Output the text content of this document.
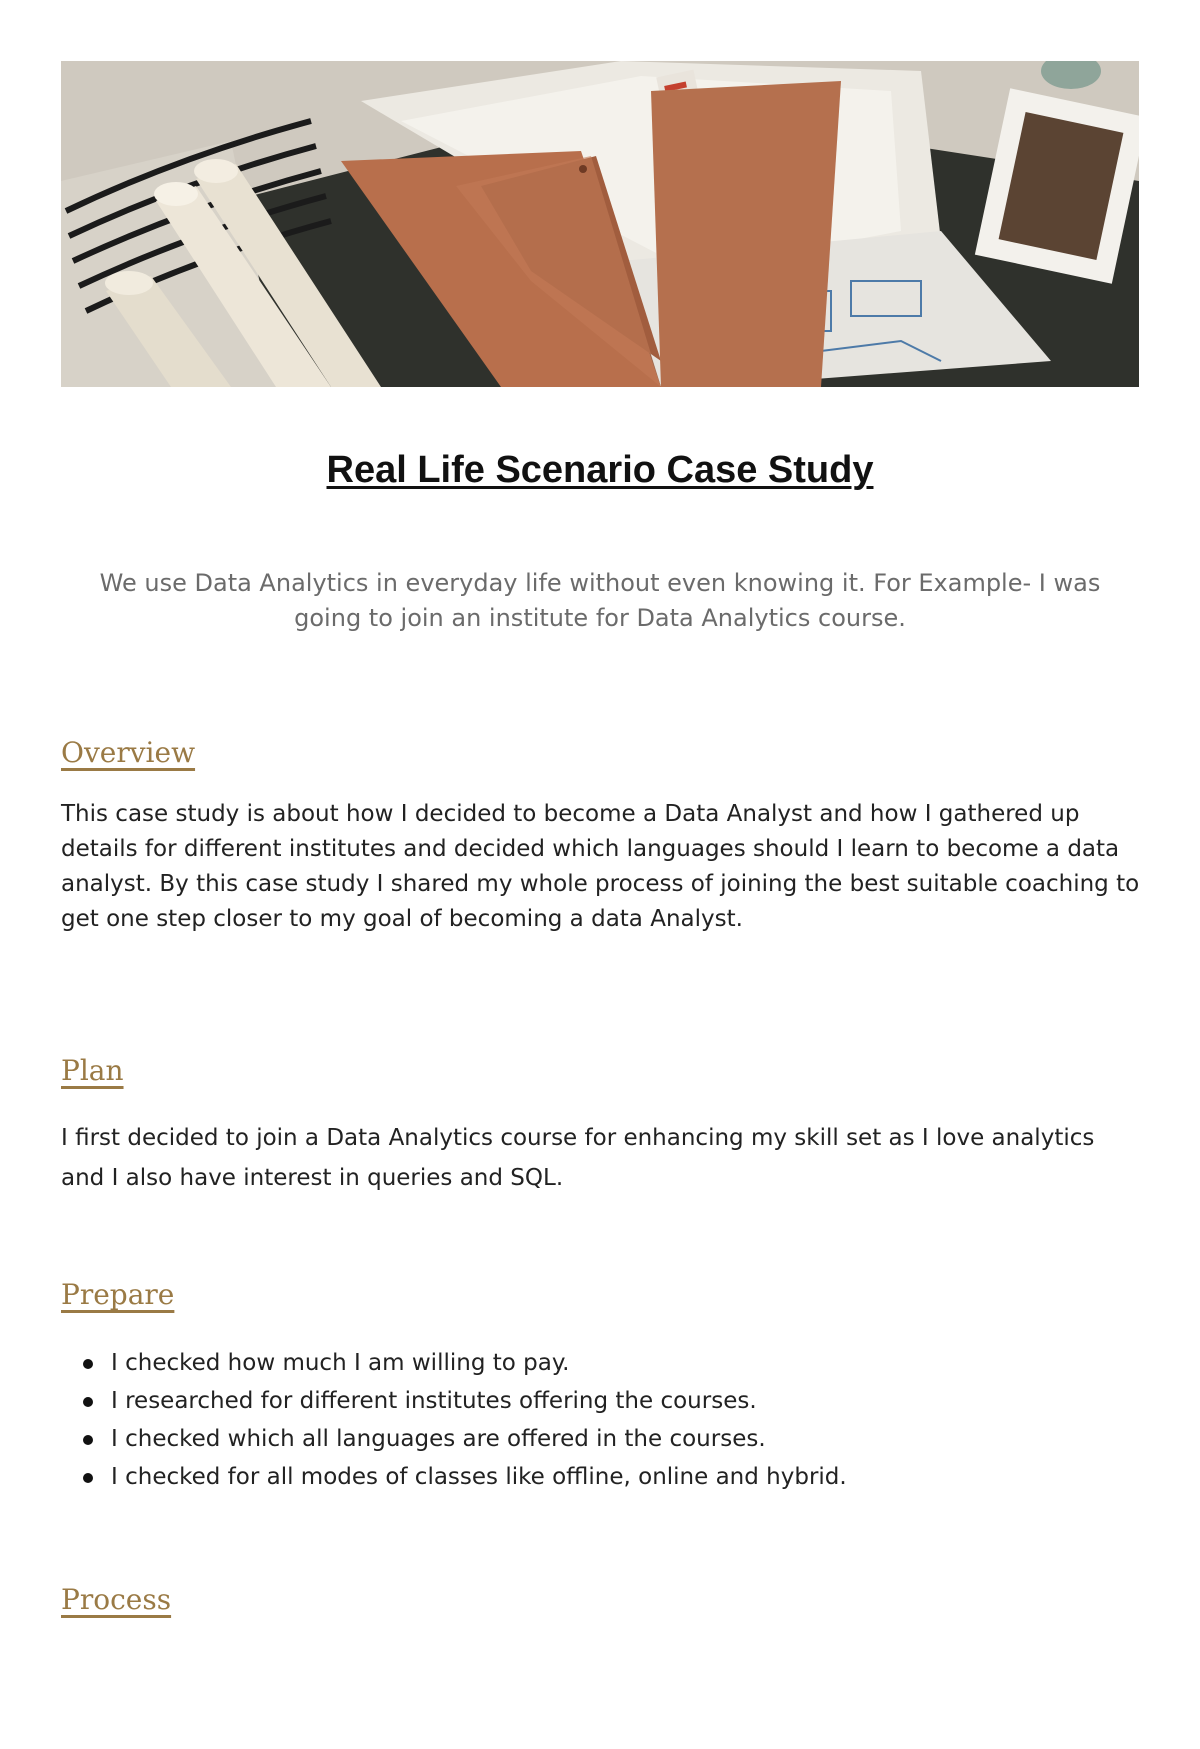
Real Life Scenario Case Study

We use Data Analytics in everyday life without even knowing it. For Example- I was going to join an institute for Data Analytics course.

Overview

This case study is about how I decided to become a Data Analyst and how I gathered up details for different institutes and decided which languages should I learn to become a data analyst. By this case study I shared my whole process of joining the best suitable coaching to get one step closer to my goal of becoming a data Analyst.

Plan

I first decided to join a Data Analytics course for enhancing my skill set as I love analytics and I also have interest in queries and SQL.

Prepare
I checked how much I am willing to pay.
I researched for different institutes offering the courses.
I checked which all languages are offered in the courses.
I checked for all modes of classes like offline, online and hybrid.
Process
